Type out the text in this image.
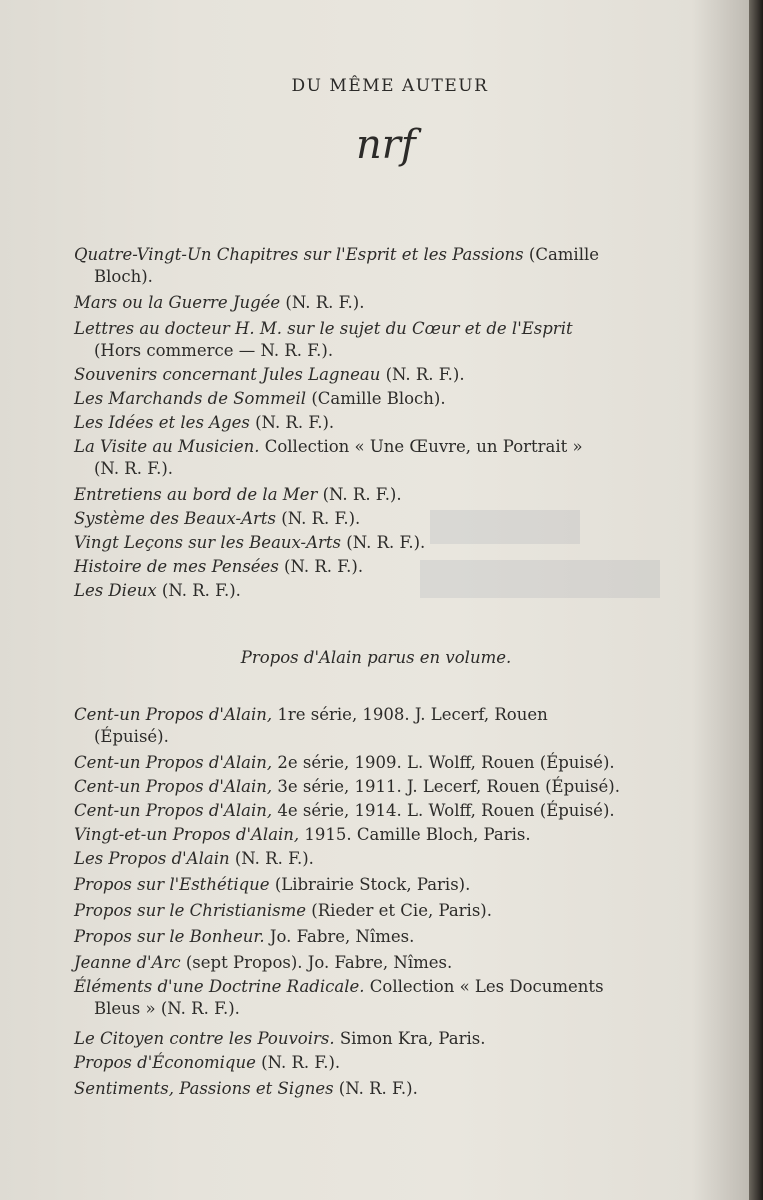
DU MÊME AUTEUR
nrf
Quatre-Vingt-Un Chapitres sur l'Esprit et les Passions (Camille
Bloch).
Mars ou la Guerre Jugée (N. R. F.).
Lettres au docteur H. M. sur le sujet du Cœur et de l'Esprit
(Hors commerce — N. R. F.).
Souvenirs concernant Jules Lagneau (N. R. F.).
Les Marchands de Sommeil (Camille Bloch).
Les Idées et les Ages (N. R. F.).
La Visite au Musicien. Collection « Une Œuvre, un Portrait »
(N. R. F.).
Entretiens au bord de la Mer (N. R. F.).
Système des Beaux-Arts (N. R. F.).
Vingt Leçons sur les Beaux-Arts (N. R. F.).
Histoire de mes Pensées (N. R. F.).
Les Dieux (N. R. F.).
Propos d'Alain parus en volume.
Cent-un Propos d'Alain, 1re série, 1908. J. Lecerf, Rouen
(Épuisé).
Cent-un Propos d'Alain, 2e série, 1909. L. Wolff, Rouen (Épuisé).
Cent-un Propos d'Alain, 3e série, 1911. J. Lecerf, Rouen (Épuisé).
Cent-un Propos d'Alain, 4e série, 1914. L. Wolff, Rouen (Épuisé).
Vingt-et-un Propos d'Alain, 1915. Camille Bloch, Paris.
Les Propos d'Alain (N. R. F.).
Propos sur l'Esthétique (Librairie Stock, Paris).
Propos sur le Christianisme (Rieder et Cie, Paris).
Propos sur le Bonheur. Jo. Fabre, Nîmes.
Jeanne d'Arc (sept Propos). Jo. Fabre, Nîmes.
Éléments d'une Doctrine Radicale. Collection « Les Documents
Bleus » (N. R. F.).
Le Citoyen contre les Pouvoirs. Simon Kra, Paris.
Propos d'Économique (N. R. F.).
Sentiments, Passions et Signes (N. R. F.).
